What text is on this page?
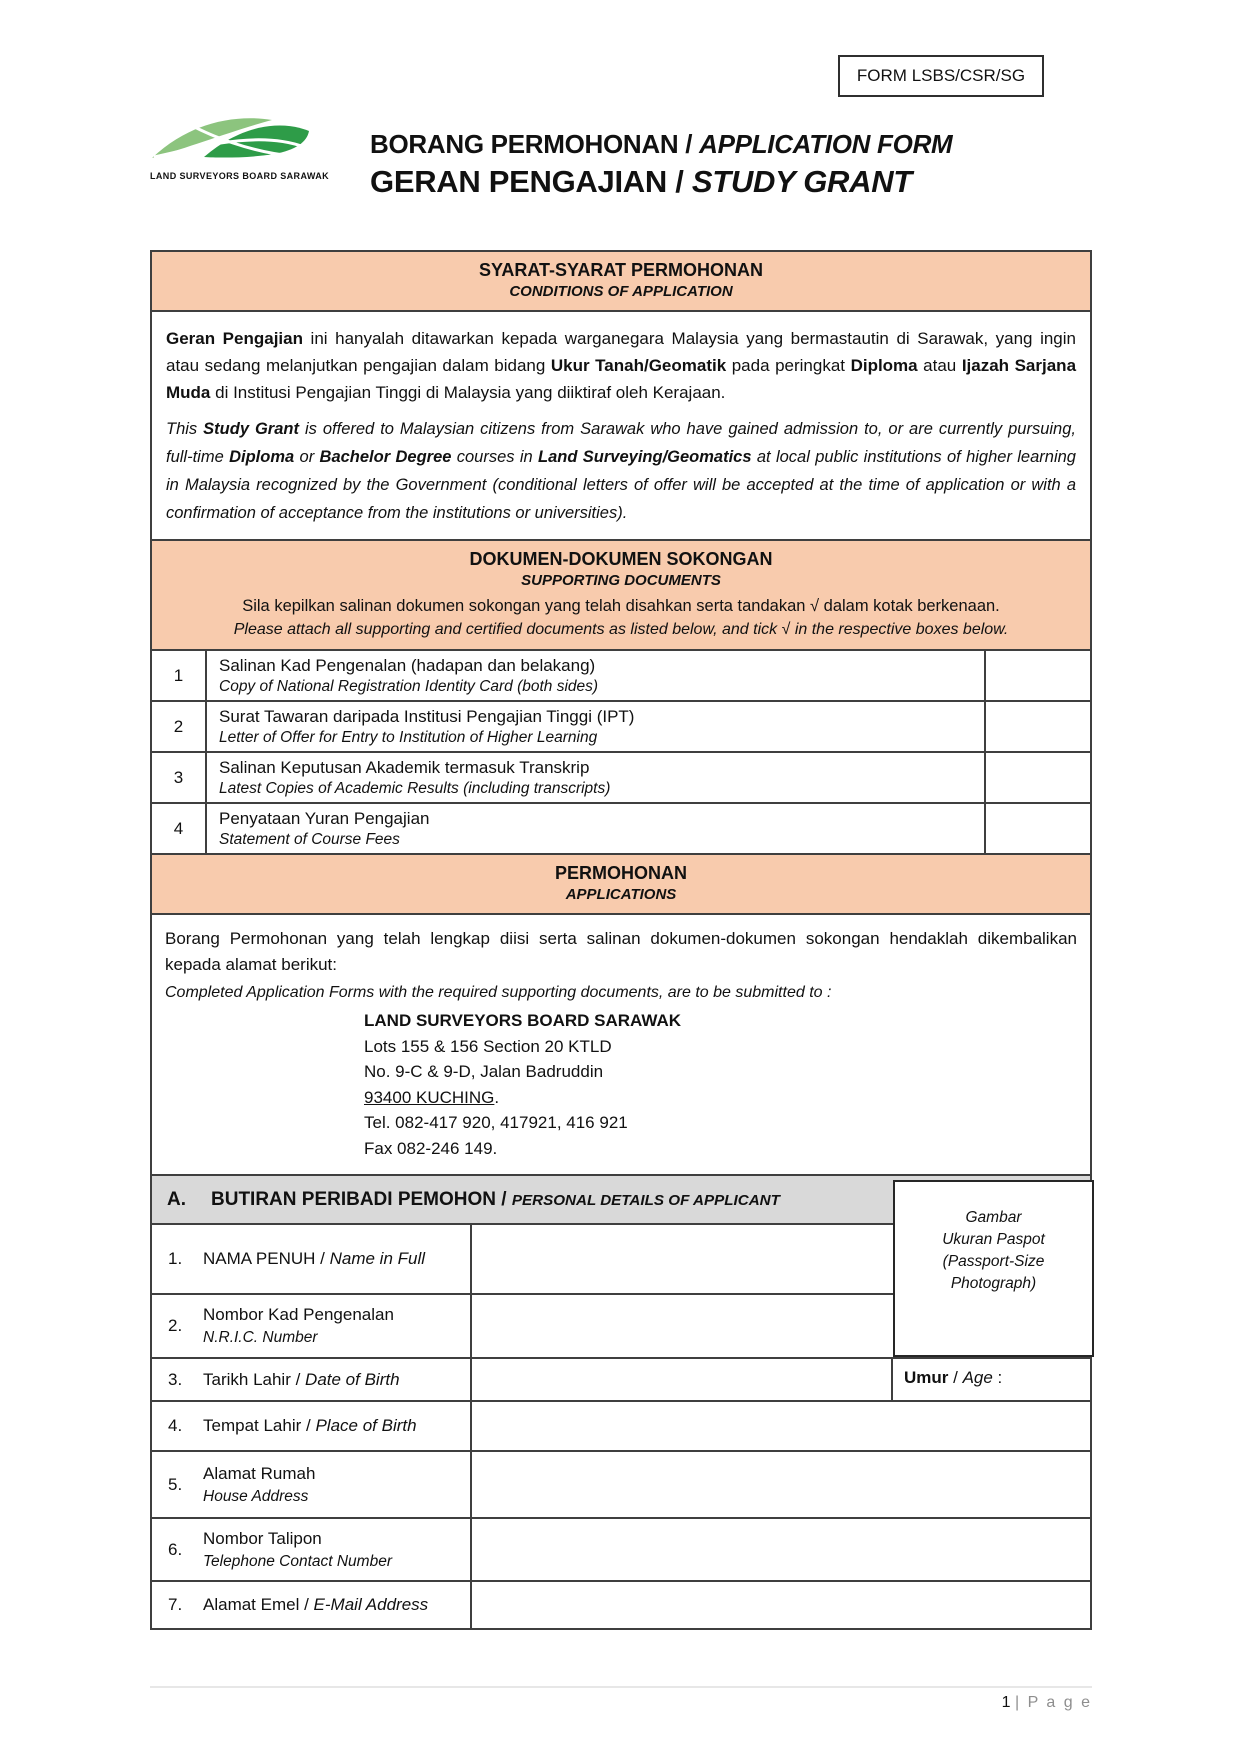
FORM LSBS/CSR/SG
LAND SURVEYORS BOARD SARAWAK
BORANG PERMOHONAN / APPLICATION FORM
GERAN PENGAJIAN / STUDY GRANT
SYARAT-SYARAT PERMOHONAN
CONDITIONS OF APPLICATION

Geran Pengajian ini hanyalah ditawarkan kepada warganegara Malaysia yang bermastautin di Sarawak, yang ingin atau sedang melanjutkan pengajian dalam bidang Ukur Tanah/Geomatik pada peringkat Diploma atau Ijazah Sarjana Muda di Institusi Pengajian Tinggi di Malaysia yang diiktiraf oleh Kerajaan.

This Study Grant is offered to Malaysian citizens from Sarawak who have gained admission to, or are currently pursuing, full-time Diploma or Bachelor Degree courses in Land Surveying/Geomatics at local public institutions of higher learning in Malaysia recognized by the Government (conditional letters of offer will be accepted at the time of application or with a confirmation of acceptance from the institutions or universities).

DOKUMEN-DOKUMEN SOKONGAN
SUPPORTING DOCUMENTS
Sila kepilkan salinan dokumen sokongan yang telah disahkan serta tandakan √ dalam kotak berkenaan.
Please attach all supporting and certified documents as listed below, and tick √ in the respective boxes below.
1
Salinan Kad Pengenalan (hadapan dan belakang)
Copy of National Registration Identity Card (both sides)
2
Surat Tawaran daripada Institusi Pengajian Tinggi (IPT)
Letter of Offer for Entry to Institution of Higher Learning
3
Salinan Keputusan Akademik termasuk Transkrip
Latest Copies of Academic Results (including transcripts)
4
Penyataan Yuran Pengajian
Statement of Course Fees
PERMOHONAN
APPLICATIONS

Borang Permohonan yang telah lengkap diisi serta salinan dokumen-dokumen sokongan hendaklah dikembalikan kepada alamat berikut:

Completed Application Forms with the required supporting documents, are to be submitted to :

LAND SURVEYORS BOARD SARAWAK
Lots 155 & 156 Section 20 KTLD
No. 9-C & 9-D, Jalan Badruddin
93400 KUCHING.
Tel. 082-417 920, 417921, 416 921
Fax 082-246 149.
A.	BUTIRAN PERIBADI PEMOHON / PERSONAL DETAILS OF APPLICANT
1.	NAMA PENUH / Name in Full
2.
Nombor Kad Pengenalan
N.R.I.C. Number
3.	Tarikh Lahir / Date of Birth	Umur / Age :
4.	Tempat Lahir / Place of Birth
5.
Alamat Rumah
House Address
6.
Nombor Talipon
Telephone Contact Number
7.	Alamat Emel / E-Mail Address
Gambar
Ukuran Paspot
(Passport-Size
Photograph)
1 | P a g e
